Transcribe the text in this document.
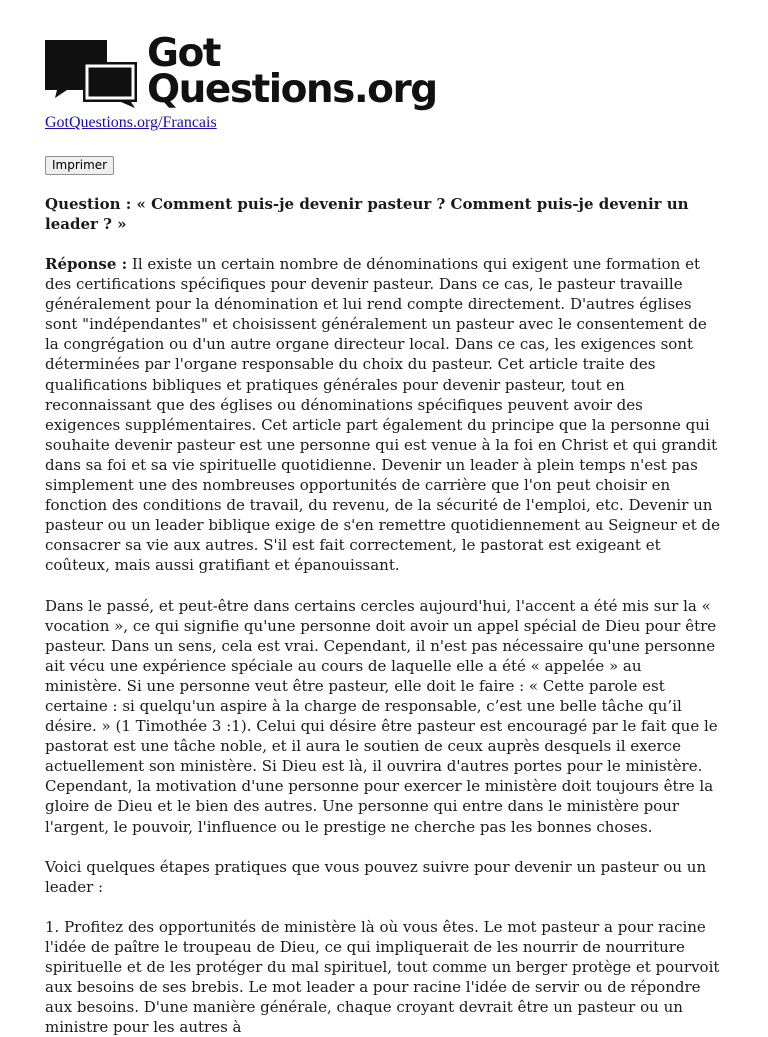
Got
Questions.org
GotQuestions.org/Francais
Imprimer
Question : « Comment puis-je devenir pasteur ? Comment puis-je devenir un leader ? »

Réponse : Il existe un certain nombre de dénominations qui exigent une formation et des certifications spécifiques pour devenir pasteur. Dans ce cas, le pasteur travaille généralement pour la dénomination et lui rend compte directement. D'autres églises sont "indépendantes" et choisissent généralement un pasteur avec le consentement de la congrégation ou d'un autre organe directeur local. Dans ce cas, les exigences sont déterminées par l'organe responsable du choix du pasteur. Cet article traite des qualifications bibliques et pratiques générales pour devenir pasteur, tout en reconnaissant que des églises ou dénominations spécifiques peuvent avoir des exigences supplémentaires. Cet article part également du principe que la personne qui souhaite devenir pasteur est une personne qui est venue à la foi en Christ et qui grandit dans sa foi et sa vie spirituelle quotidienne. Devenir un leader à plein temps n'est pas simplement une des nombreuses opportunités de carrière que l'on peut choisir en fonction des conditions de travail, du revenu, de la sécurité de l'emploi, etc. Devenir un pasteur ou un leader biblique exige de s'en remettre quotidiennement au Seigneur et de consacrer sa vie aux autres. S'il est fait correctement, le pastorat est exigeant et coûteux, mais aussi gratifiant et épanouissant.

Dans le passé, et peut-être dans certains cercles aujourd'hui, l'accent a été mis sur la « vocation », ce qui signifie qu'une personne doit avoir un appel spécial de Dieu pour être pasteur. Dans un sens, cela est vrai. Cependant, il n'est pas nécessaire qu'une personne ait vécu une expérience spéciale au cours de laquelle elle a été « appelée » au ministère. Si une personne veut être pasteur, elle doit le faire : « Cette parole est certaine : si quelqu'un aspire à la charge de responsable, c’est une belle tâche qu’il désire. » (1 Timothée 3 :1). Celui qui désire être pasteur est encouragé par le fait que le pastorat est une tâche noble, et il aura le soutien de ceux auprès desquels il exerce actuellement son ministère. Si Dieu est là, il ouvrira d'autres portes pour le ministère. Cependant, la motivation d'une personne pour exercer le ministère doit toujours être la gloire de Dieu et le bien des autres. Une personne qui entre dans le ministère pour l'argent, le pouvoir, l'influence ou le prestige ne cherche pas les bonnes choses.

Voici quelques étapes pratiques que vous pouvez suivre pour devenir un pasteur ou un leader :

1. Profitez des opportunités de ministère là où vous êtes. Le mot pasteur a pour racine l'idée de paître le troupeau de Dieu, ce qui impliquerait de les nourrir de nourriture spirituelle et de les protéger du mal spirituel, tout comme un berger protège et pourvoit aux besoins de ses brebis. Le mot leader a pour racine l'idée de servir ou de répondre aux besoins. D'une manière générale, chaque croyant devrait être un pasteur ou un ministre pour les autres à
